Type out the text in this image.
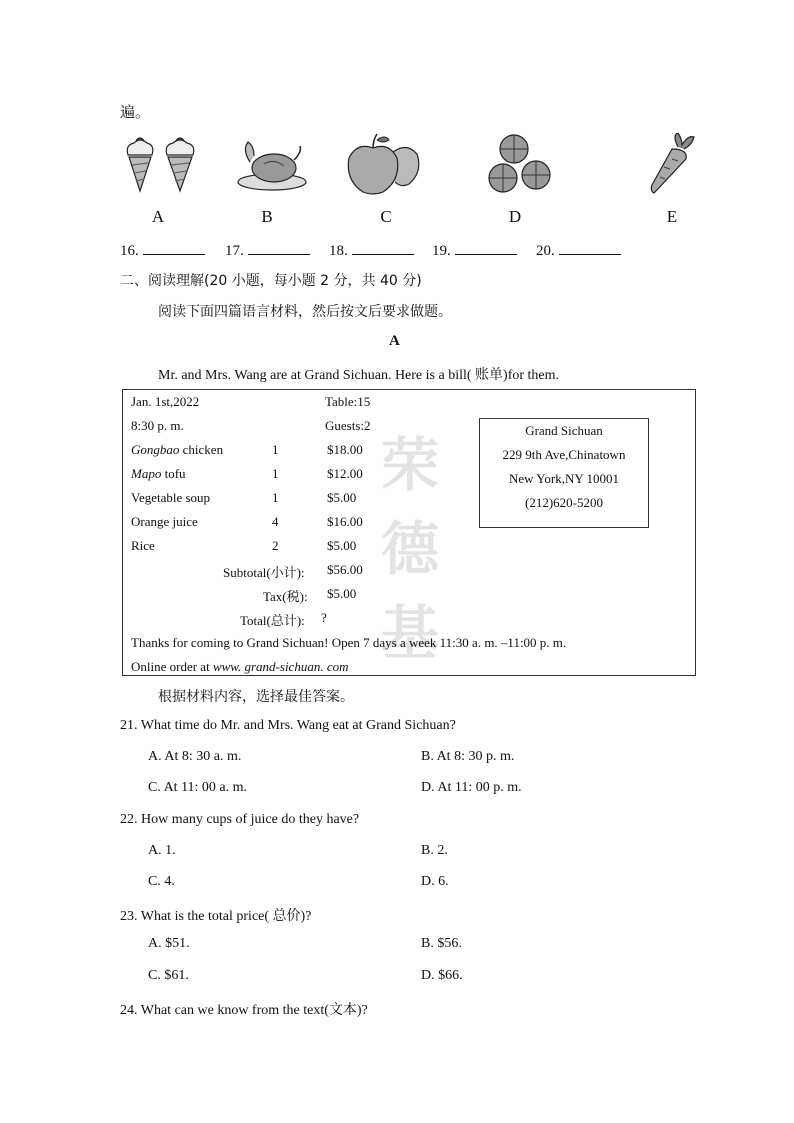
遍。
A	B	C	D	E
16.	17.	18.	19.	20.
二、阅读理解(20 小题，每小题 2 分，共 40 分)
阅读下面四篇语言材料，然后按文后要求做题。
A
Mr. and Mrs. Wang are at Grand Sichuan. Here is a bill( 账单)for them.
荣
德
基
Jan. 1st,2022	Table:15
8:30 p. m.	Guests:2
Gongbao chicken	1	$18.00
Mapo tofu	1	$12.00
Vegetable soup	1	$5.00
Orange juice	4	$16.00
Rice	2	$5.00
Subtotal(小计): $56.00
Tax(税): $5.00
Total(总计): ?
Thanks for coming to Grand Sichuan! Open 7 days a week 11:30 a. m. –11:00 p. m.
Online order at www. grand-sichuan. com
Grand Sichuan
229 9th Ave,Chinatown
New York,NY 10001
(212)620-5200
根据材料内容，选择最佳答案。
21. What time do Mr. and Mrs. Wang eat at Grand Sichuan?
A. At 8: 30 a. m.	B. At 8: 30 p. m.
C. At 11: 00 a. m.	D. At 11: 00 p. m.
22. How many cups of juice do they have?
A. 1.	B. 2.
C. 4.	D. 6.
23. What is the total price( 总价)?
A. $51.	B. $56.
C. $61.	D. $66.
24. What can we know from the text(文本)?
